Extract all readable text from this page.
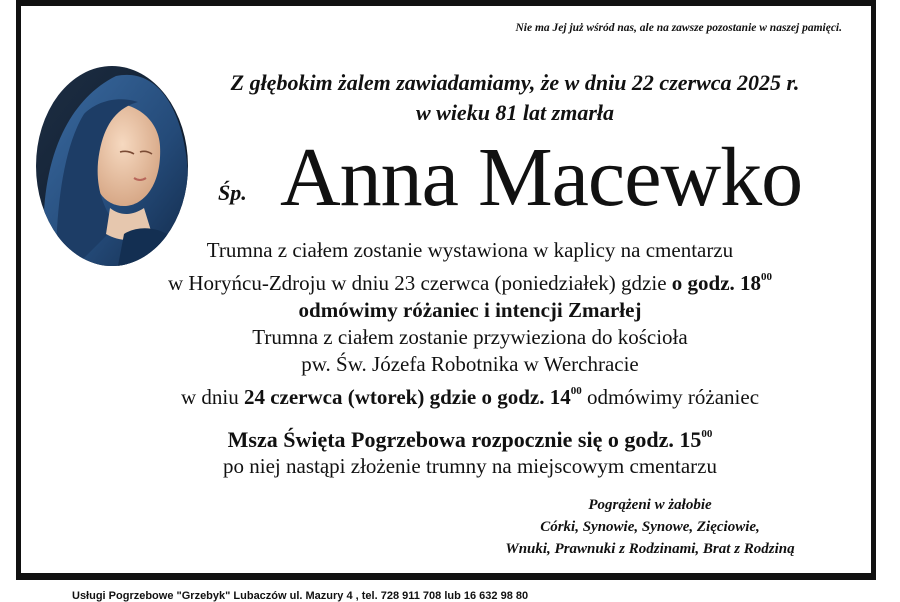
Nie ma Jej już wśród nas, ale na zawsze pozostanie w naszej pamięci.
Z głębokim żalem zawiadamiamy, że w dniu 22 czerwca 2025 r.
w wieku 81 lat zmarła
Śp. Anna Macewko
Trumna z ciałem zostanie wystawiona w kaplicy na cmentarzu
w Horyńcu-Zdroju w dniu 23 czerwca (poniedziałek) gdzie o godz. $18^{00}$
odmówimy różaniec i intencji Zmarłej
Trumna z ciałem zostanie przywieziona do kościoła
pw. Św. Józefa Robotnika w Werchracie
w dniu 24 czerwca (wtorek) gdzie o godz. $14^{00}$ odmówimy różaniec
Msza Święta Pogrzebowa rozpocznie się o godz. $15^{00}$
po niej nastąpi złożenie trumny na miejscowym cmentarzu
Pogrążeni w żałobie
Córki, Synowie, Synowe, Zięciowie,
Wnuki, Prawnuki z Rodzinami, Brat z Rodziną
Usługi Pogrzebowe "Grzebyk" Lubaczów ul. Mazury 4 , tel. 728 911 708 lub 16 632 98 80
